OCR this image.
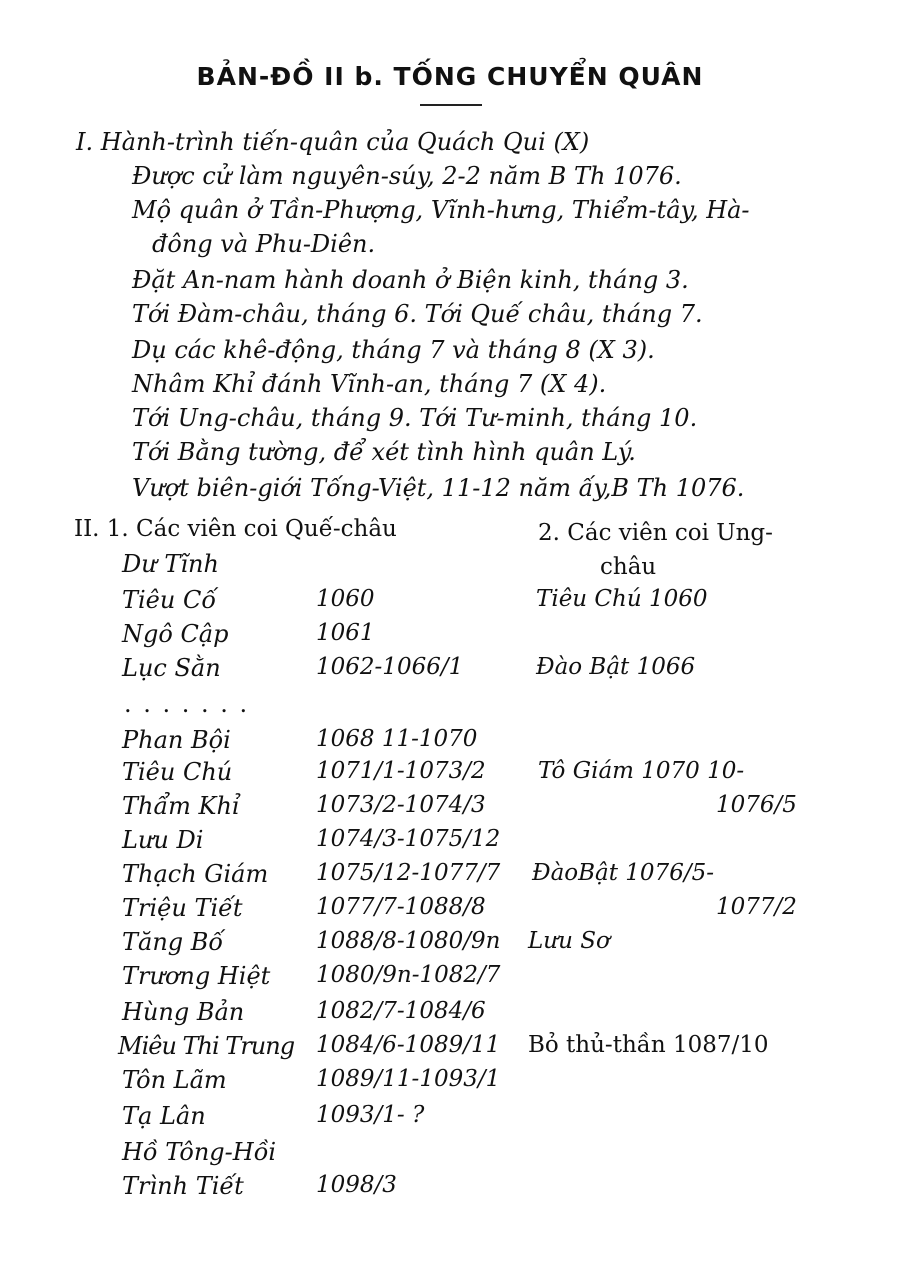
BẢN-ĐỒ II b. TỐNG CHUYỂN QUÂN
I. Hành-trình tiến-quân của Quách Qui (X)
Được cử làm nguyên-súy, 2-2 năm B Th 1076.
Mộ quân ở Tần-Phượng, Vĩnh-hưng, Thiểm-tây, Hà-
đông và Phu-Diên.
Đặt An-nam hành doanh ở Biện kinh, tháng 3.
Tới Đàm-châu, tháng 6. Tới Quế châu, tháng 7.
Dụ các khê-động, tháng 7 và tháng 8 (X 3).
Nhâm Khỉ đánh Vĩnh-an, tháng 7 (X 4).
Tới Ung-châu, tháng 9. Tới Tư-minh, tháng 10.
Tới Bằng tường, để xét tình hình quân Lý.
Vượt biên-giới Tống-Việt, 11-12 năm ấy,B Th 1076.
II. 1. Các viên coi Quế-châu	2. Các viên coi Ung-
châu
Dư Tĩnh
Tiêu Cố	1060	Tiêu Chú 1060
Ngô Cập	1061
Lục Sằn	1062-1066/1	Đào Bật 1066
. . . . . . .
Phan Bội	1068 11-1070
Tiêu Chú	1071/1-1073/2 Tô Giám 1070 10-
Thẩm Khỉ	1073/2-1074/3	1076/5
Lưu Di	1074/3-1075/12
Thạch Giám 1075/12-1077/7 ĐàoBật 1076/5-
Triệu Tiết	1077/7-1088/8	1077/2
Tăng Bố	1088/8-1080/9n Lưu Sơ
Trương Hiệt 1080/9n-1082/7
Hùng Bản	1082/7-1084/6
Miêu Thi Trung 1084/6-1089/11 Bỏ thủ-thần 1087/10
Tôn Lãm	1089/11-1093/1
Tạ Lân	1093/1- ?
Hồ Tông-Hồi
Trình Tiết	1098/3
